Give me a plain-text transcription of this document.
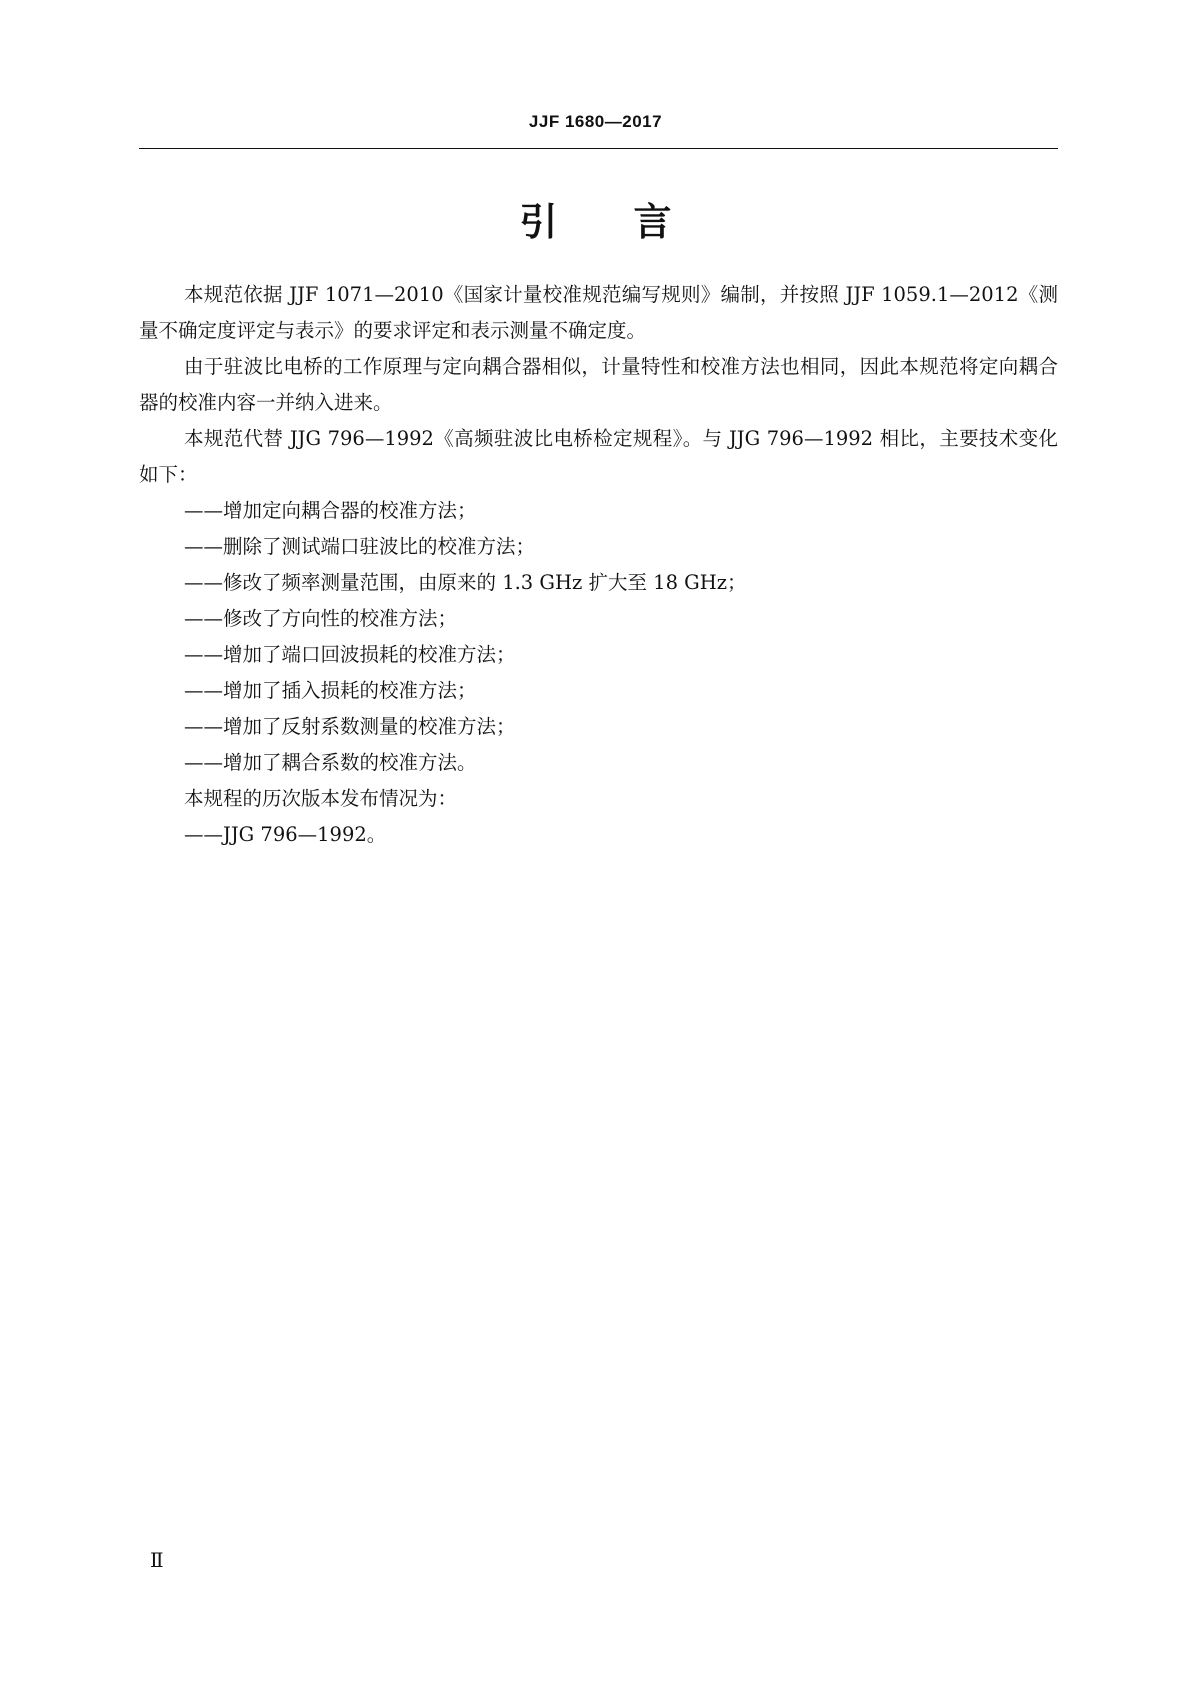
JJF 1680—2017
引言

本规范依据 JJF 1071—2010《国家计量校准规范编写规则》编制，并按照 JJF 1059.1—2012《测量不确定度评定与表示》的要求评定和表示测量不确定度。

由于驻波比电桥的工作原理与定向耦合器相似，计量特性和校准方法也相同，因此本规范将定向耦合器的校准内容一并纳入进来。

本规范代替 JJG 796—1992《高频驻波比电桥检定规程》。与 JJG 796—1992 相比，主要技术变化如下：

——增加定向耦合器的校准方法；

——删除了测试端口驻波比的校准方法；

——修改了频率测量范围，由原来的 1.3 GHz 扩大至 18 GHz；

——修改了方向性的校准方法；

——增加了端口回波损耗的校准方法；

——增加了插入损耗的校准方法；

——增加了反射系数测量的校准方法；

——增加了耦合系数的校准方法。

本规程的历次版本发布情况为：

——JJG 796—1992。

Ⅱ
